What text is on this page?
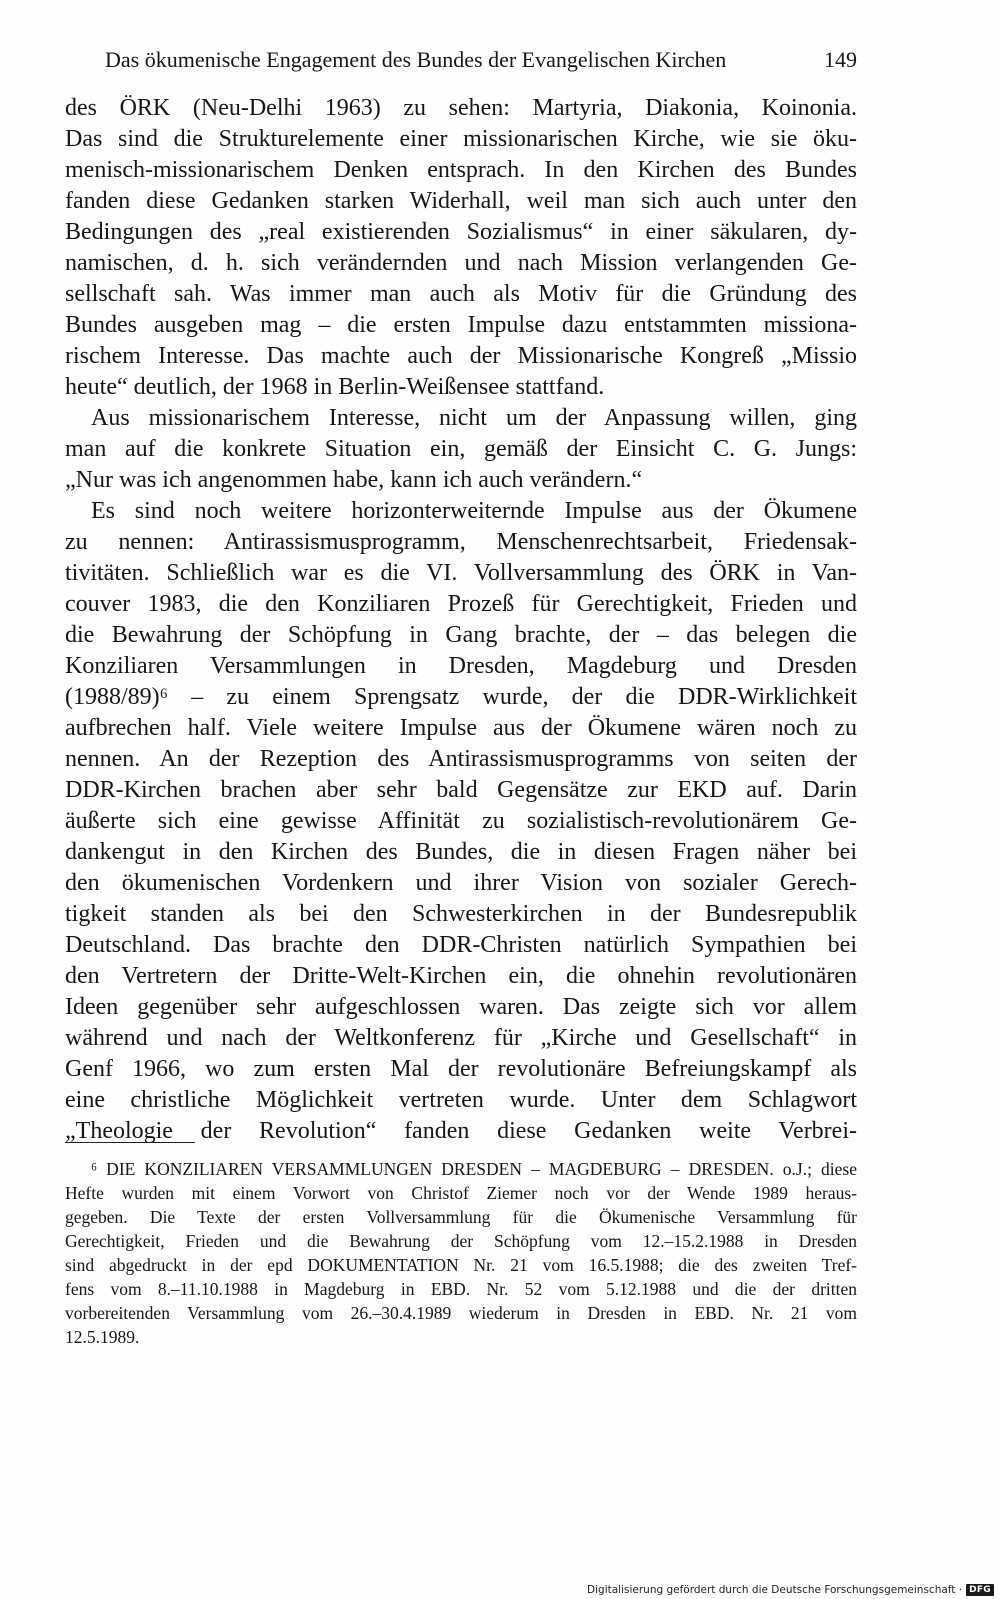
Das ökumenische Engagement des Bundes der Evangelischen Kirchen	149
des ÖRK (Neu-Delhi 1963) zu sehen: Martyria, Diakonia, Koinonia.
Das sind die Strukturelemente einer missionarischen Kirche, wie sie öku-
menisch-missionarischem Denken entsprach. In den Kirchen des Bundes
fanden diese Gedanken starken Widerhall, weil man sich auch unter den
Bedingungen des „real existierenden Sozialismus“ in einer säkularen, dy-
namischen, d. h. sich verändernden und nach Mission verlangenden Ge-
sellschaft sah. Was immer man auch als Motiv für die Gründung des
Bundes ausgeben mag – die ersten Impulse dazu entstammten missiona-
rischem Interesse. Das machte auch der Missionarische Kongreß „Missio
heute“ deutlich, der 1968 in Berlin-Weißensee stattfand.
Aus missionarischem Interesse, nicht um der Anpassung willen, ging
man auf die konkrete Situation ein, gemäß der Einsicht C. G. Jungs:
„Nur was ich angenommen habe, kann ich auch verändern.“
Es sind noch weitere horizonterweiternde Impulse aus der Ökumene
zu nennen: Antirassismusprogramm, Menschenrechtsarbeit, Friedensak-
tivitäten. Schließlich war es die VI. Vollversammlung des ÖRK in Van-
couver 1983, die den Konziliaren Prozeß für Gerechtigkeit, Frieden und
die Bewahrung der Schöpfung in Gang brachte, der – das belegen die
Konziliaren Versammlungen in Dresden, Magdeburg und Dresden
(1988/89)⁶ – zu einem Sprengsatz wurde, der die DDR-Wirklichkeit
aufbrechen half. Viele weitere Impulse aus der Ökumene wären noch zu
nennen. An der Rezeption des Antirassismusprogramms von seiten der
DDR-Kirchen brachen aber sehr bald Gegensätze zur EKD auf. Darin
äußerte sich eine gewisse Affinität zu sozialistisch-revolutionärem Ge-
dankengut in den Kirchen des Bundes, die in diesen Fragen näher bei
den ökumenischen Vordenkern und ihrer Vision von sozialer Gerech-
tigkeit standen als bei den Schwesterkirchen in der Bundesrepublik
Deutschland. Das brachte den DDR-Christen natürlich Sympathien bei
den Vertretern der Dritte-Welt-Kirchen ein, die ohnehin revolutionären
Ideen gegenüber sehr aufgeschlossen waren. Das zeigte sich vor allem
während und nach der Weltkonferenz für „Kirche und Gesellschaft“ in
Genf 1966, wo zum ersten Mal der revolutionäre Befreiungskampf als
eine christliche Möglichkeit vertreten wurde. Unter dem Schlagwort
„Theologie der Revolution“ fanden diese Gedanken weite Verbrei-
⁶ DIE KONZILIAREN VERSAMMLUNGEN DRESDEN – MAGDEBURG – DRESDEN. o.J.; diese
Hefte wurden mit einem Vorwort von Christof Ziemer noch vor der Wende 1989 heraus-
gegeben. Die Texte der ersten Vollversammlung für die Ökumenische Versammlung für
Gerechtigkeit, Frieden und die Bewahrung der Schöpfung vom 12.–15.2.1988 in Dresden
sind abgedruckt in der epd DOKUMENTATION Nr. 21 vom 16.5.1988; die des zweiten Tref-
fens vom 8.–11.10.1988 in Magdeburg in EBD. Nr. 52 vom 5.12.1988 und die der dritten
vorbereitenden Versammlung vom 26.–30.4.1989 wiederum in Dresden in EBD. Nr. 21 vom
12.5.1989.
Digitalisierung gefördert durch die Deutsche Forschungsgemeinschaft · DFG
